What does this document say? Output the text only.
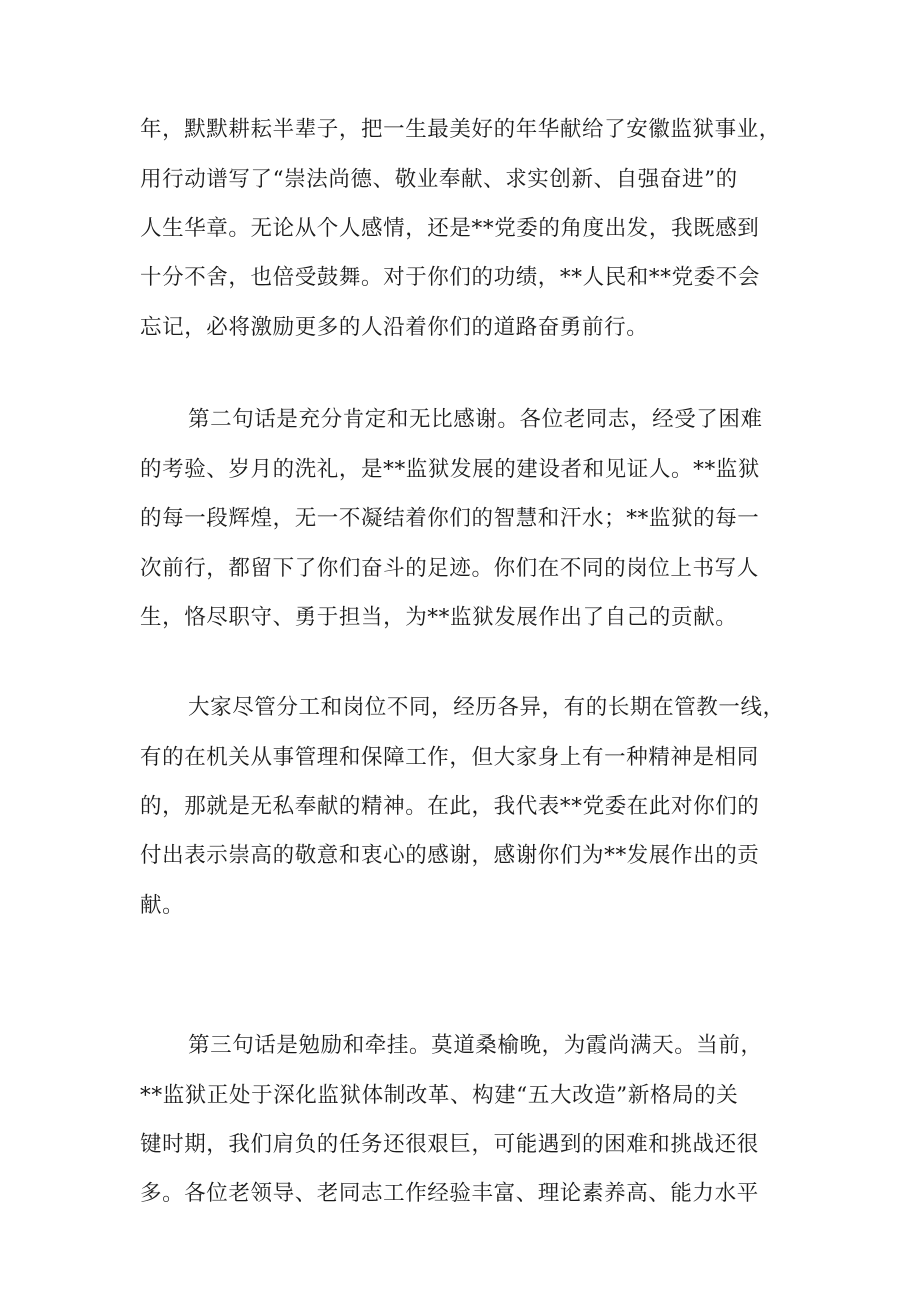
年，默默耕耘半辈子，把一生最美好的年华献给了安徽监狱事业，
用行动谱写了“崇法尚德、敬业奉献、求实创新、自强奋进”的
人生华章。无论从个人感情，还是**党委的角度出发，我既感到
十分不舍，也倍受鼓舞。对于你们的功绩，**人民和**党委不会
忘记，必将激励更多的人沿着你们的道路奋勇前行。
第二句话是充分肯定和无比感谢。各位老同志，经受了困难
的考验、岁月的洗礼，是**监狱发展的建设者和见证人。**监狱
的每一段辉煌，无一不凝结着你们的智慧和汗水；**监狱的每一
次前行，都留下了你们奋斗的足迹。你们在不同的岗位上书写人
生，恪尽职守、勇于担当，为**监狱发展作出了自己的贡献。
大家尽管分工和岗位不同，经历各异，有的长期在管教一线，
有的在机关从事管理和保障工作，但大家身上有一种精神是相同
的，那就是无私奉献的精神。在此，我代表**党委在此对你们的
付出表示崇高的敬意和衷心的感谢，感谢你们为**发展作出的贡
献。
第三句话是勉励和牵挂。莫道桑榆晚，为霞尚满天。当前，
**监狱正处于深化监狱体制改革、构建“五大改造”新格局的关
键时期，我们肩负的任务还很艰巨，可能遇到的困难和挑战还很
多。各位老领导、老同志工作经验丰富、理论素养高、能力水平
